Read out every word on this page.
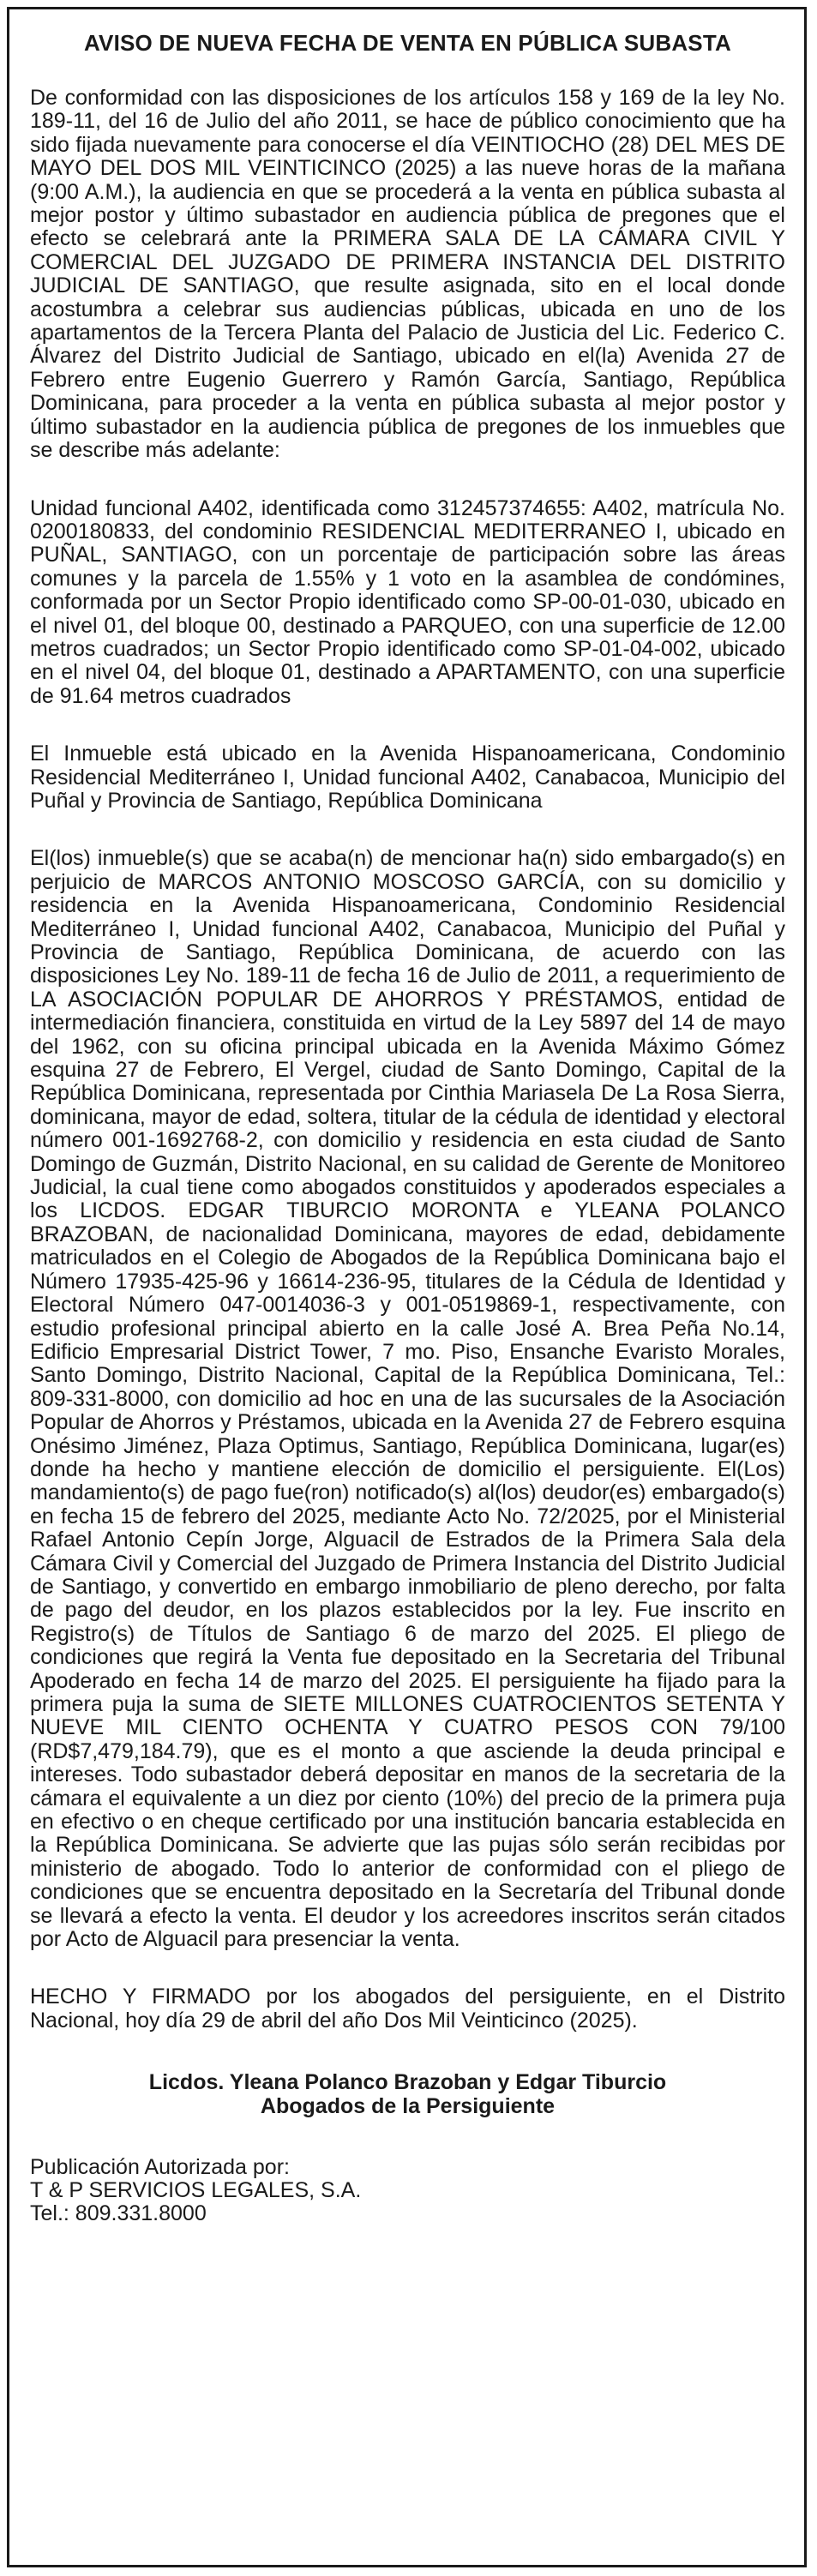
AVISO DE NUEVA FECHA DE VENTA EN PÚBLICA SUBASTA

De conformidad con las disposiciones de los artículos 158 y 169 de la ley No. 189-11, del 16 de Julio del año 2011, se hace de público conocimiento que ha sido fijada nuevamente para conocerse el día VEINTIOCHO (28) DEL MES DE MAYO DEL DOS MIL VEINTICINCO (2025) a las nueve horas de la mañana (9:00 A.M.), la audiencia en que se procederá a la venta en pública subasta al mejor postor y último subastador en audiencia pública de pregones que el efecto se celebrará ante la PRIMERA SALA DE LA CÁMARA CIVIL Y COMERCIAL DEL JUZGADO DE PRIMERA INSTANCIA DEL DISTRITO JUDICIAL DE SANTIAGO, que resulte asignada, sito en el local donde acostumbra a celebrar sus audiencias públicas, ubicada en uno de los apartamentos de la Tercera Planta del Palacio de Justicia del Lic. Federico C. Álvarez del Distrito Judicial de Santiago, ubicado en el(la) Avenida 27 de Febrero entre Eugenio Guerrero y Ramón García, Santiago, República Dominicana, para proceder a la venta en pública subasta al mejor postor y último subastador en la audiencia pública de pregones de los inmuebles que se describe más adelante:

Unidad funcional A402, identificada como 312457374655: A402, matrícula No. 0200180833, del condominio RESIDENCIAL MEDITERRANEO I, ubicado en PUÑAL, SANTIAGO, con un porcentaje de participación sobre las áreas comunes y la parcela de 1.55% y 1 voto en la asamblea de condómines, conformada por un Sector Propio identificado como SP-00-01-030, ubicado en el nivel 01, del bloque 00, destinado a PARQUEO, con una superficie de 12.00 metros cuadrados; un Sector Propio identificado como SP-01-04-002, ubicado en el nivel 04, del bloque 01, destinado a APARTAMENTO, con una superficie de 91.64 metros cuadrados

El Inmueble está ubicado en la Avenida Hispanoamericana, Condominio Residencial Mediterráneo I, Unidad funcional A402, Canabacoa, Municipio del Puñal y Provincia de Santiago, República Dominicana

El(los) inmueble(s) que se acaba(n) de mencionar ha(n) sido embargado(s) en perjuicio de MARCOS ANTONIO MOSCOSO GARCÍA, con su domicilio y residencia en la Avenida Hispanoamericana, Condominio Residencial Mediterráneo I, Unidad funcional A402, Canabacoa, Municipio del Puñal y Provincia de Santiago, República Dominicana, de acuerdo con las disposiciones Ley No. 189-11 de fecha 16 de Julio de 2011, a requerimiento de LA ASOCIACIÓN POPULAR DE AHORROS Y PRÉSTAMOS, entidad de intermediación financiera, constituida en virtud de la Ley 5897 del 14 de mayo del 1962, con su oficina principal ubicada en la Avenida Máximo Gómez esquina 27 de Febrero, El Vergel, ciudad de Santo Domingo, Capital de la República Dominicana, representada por Cinthia Mariasela De La Rosa Sierra, dominicana, mayor de edad, soltera, titular de la cédula de identidad y electoral número 001-1692768-2, con domicilio y residencia en esta ciudad de Santo Domingo de Guzmán, Distrito Nacional, en su calidad de Gerente de Monitoreo Judicial, la cual tiene como abogados constituidos y apoderados especiales a los LICDOS. EDGAR TIBURCIO MORONTA e YLEANA POLANCO BRAZOBAN, de nacionalidad Dominicana, mayores de edad, debidamente matriculados en el Colegio de Abogados de la República Dominicana bajo el Número 17935-425-96 y 16614-236-95, titulares de la Cédula de Identidad y Electoral Número 047-0014036-3 y 001-0519869-1, respectivamente, con estudio profesional principal abierto en la calle José A. Brea Peña No.14, Edificio Empresarial District Tower, 7 mo. Piso, Ensanche Evaristo Morales, Santo Domingo, Distrito Nacional, Capital de la República Dominicana, Tel.: 809-331-8000, con domicilio ad hoc en una de las sucursales de la Asociación Popular de Ahorros y Préstamos, ubicada en la Avenida 27 de Febrero esquina Onésimo Jiménez, Plaza Optimus, Santiago, República Dominicana, lugar(es) donde ha hecho y mantiene elección de domicilio el persiguiente. El(Los) mandamiento(s) de pago fue(ron) notificado(s) al(los) deudor(es) embargado(s) en fecha 15 de febrero del 2025, mediante Acto No. 72/2025, por el Ministerial Rafael Antonio Cepín Jorge, Alguacil de Estrados de la Primera Sala dela Cámara Civil y Comercial del Juzgado de Primera Instancia del Distrito Judicial de Santiago, y convertido en embargo inmobiliario de pleno derecho, por falta de pago del deudor, en los plazos establecidos por la ley. Fue inscrito en Registro(s) de Títulos de Santiago 6 de marzo del 2025. El pliego de condiciones que regirá la Venta fue depositado en la Secretaria del Tribunal Apoderado en fecha 14 de marzo del 2025. El persiguiente ha fijado para la primera puja la suma de SIETE MILLONES CUATROCIENTOS SETENTA Y NUEVE MIL CIENTO OCHENTA Y CUATRO PESOS CON 79/100 (RD$7,479,184.79), que es el monto a que asciende la deuda principal e intereses. Todo subastador deberá depositar en manos de la secretaria de la cámara el equivalente a un diez por ciento (10%) del precio de la primera puja en efectivo o en cheque certificado por una institución bancaria establecida en la República Dominicana. Se advierte que las pujas sólo serán recibidas por ministerio de abogado. Todo lo anterior de conformidad con el pliego de condiciones que se encuentra depositado en la Secretaría del Tribunal donde se llevará a efecto la venta. El deudor y los acreedores inscritos serán citados por Acto de Alguacil para presenciar la venta.

HECHO Y FIRMADO por los abogados del persiguiente, en el Distrito Nacional, hoy día 29 de abril del año Dos Mil Veinticinco (2025).

Licdos. Yleana Polanco Brazoban y Edgar Tiburcio
Abogados de la Persiguiente
Publicación Autorizada por:
T & P SERVICIOS LEGALES, S.A.
Tel.: 809.331.8000
